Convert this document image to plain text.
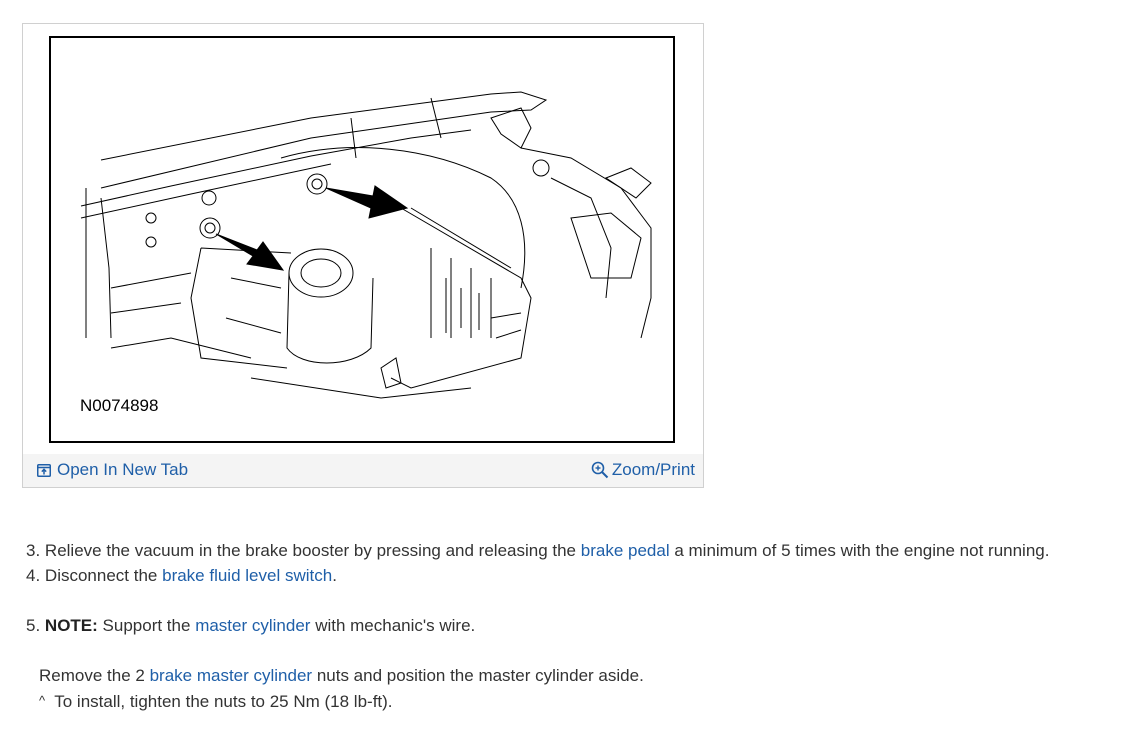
N0074898
Open In New Tab	Zoom/Print
3. Relieve the vacuum in the brake booster by pressing and releasing the brake pedal a minimum of 5 times with the engine not running.
4. Disconnect the brake fluid level switch.
5. NOTE: Support the master cylinder with mechanic's wire.
Remove the 2 brake master cylinder nuts and position the master cylinder aside.
^ To install, tighten the nuts to 25 Nm (18 lb-ft).
